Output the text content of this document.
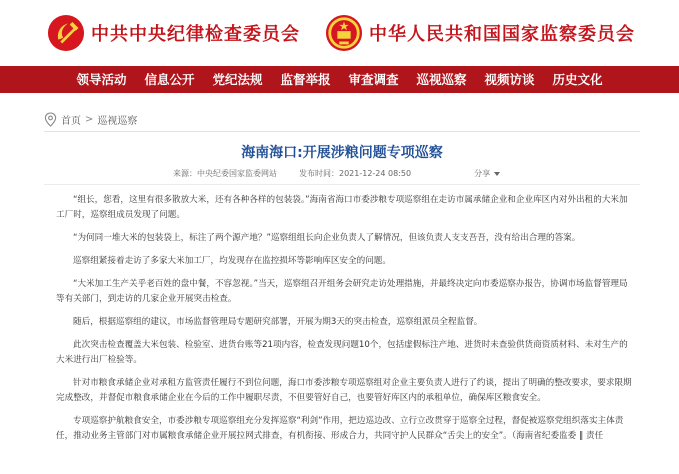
中共中央纪律检查委员会	中华人民共和国国家监察委员会
领导活动	信息公开	党纪法规	监督举报	审查调查	巡视巡察	视频访谈	历史文化
首页 > 巡视巡察
海南海口:开展涉粮问题专项巡察
来源：中央纪委国家监委网站	发布时间：2021-12-24 08:50	分享

“组长，您看，这里有很多散放大米，还有各种各样的包装袋。”海南省海口市委涉粮专项巡察组在走访市属承储企业和企业库区内对外出租的大米加工厂时，巡察组成员发现了问题。

“为何同一堆大米的包装袋上，标注了两个源产地？”巡察组组长向企业负责人了解情况，但该负责人支支吾吾，没有给出合理的答案。

巡察组紧接着走访了多家大米加工厂，均发现存在监控损坏等影响库区安全的问题。

“大米加工生产关乎老百姓的盘中餐，不容忽视。”当天，巡察组召开组务会研究走访处理措施，并最终决定向市委巡察办报告，协调市场监督管理局等有关部门，到走访的几家企业开展突击检查。

随后，根据巡察组的建议，市场监督管理局专题研究部署，开展为期3天的突击检查，巡察组派员全程监督。

此次突击检查覆盖大米包装、检验室、进货台账等21项内容，检查发现问题10个，包括虚假标注产地、进货时未查验供货商资质材料、未对生产的大米进行出厂检验等。

针对市粮食承储企业对承租方监管责任履行不到位问题，海口市委涉粮专项巡察组对企业主要负责人进行了约谈，提出了明确的整改要求，要求限期完成整改，并督促市粮食承储企业在今后的工作中履职尽责，不但要管好自己，也要管好库区内的承租单位，确保库区粮食安全。

专项巡察护航粮食安全，市委涉粮专项巡察组充分发挥巡察“利剑”作用，把边巡边改、立行立改贯穿于巡察全过程，督促被巡察党组织落实主体责任，推动业务主管部门对市属粮食承储企业开展拉网式排查，有机衔接、形成合力，共同守护人民群众“舌尖上的安全”。（海南省纪委监委 ‖ 责任
